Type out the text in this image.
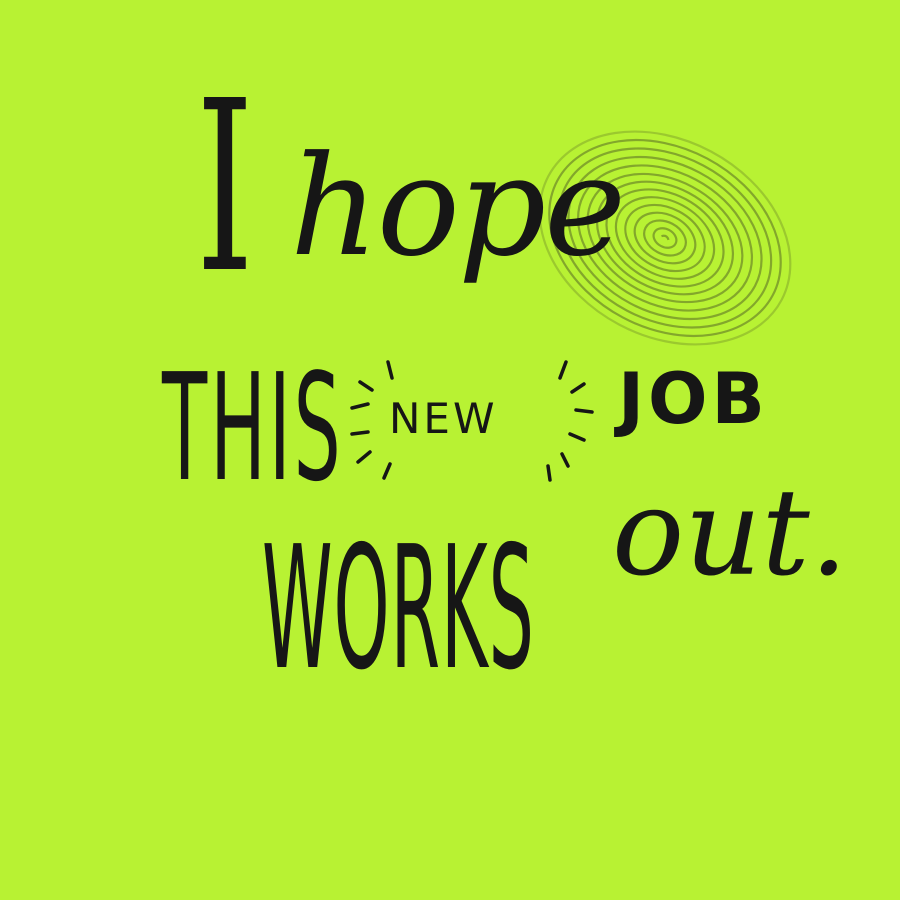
I hope
THIS NEW JOB
WORKS out.
